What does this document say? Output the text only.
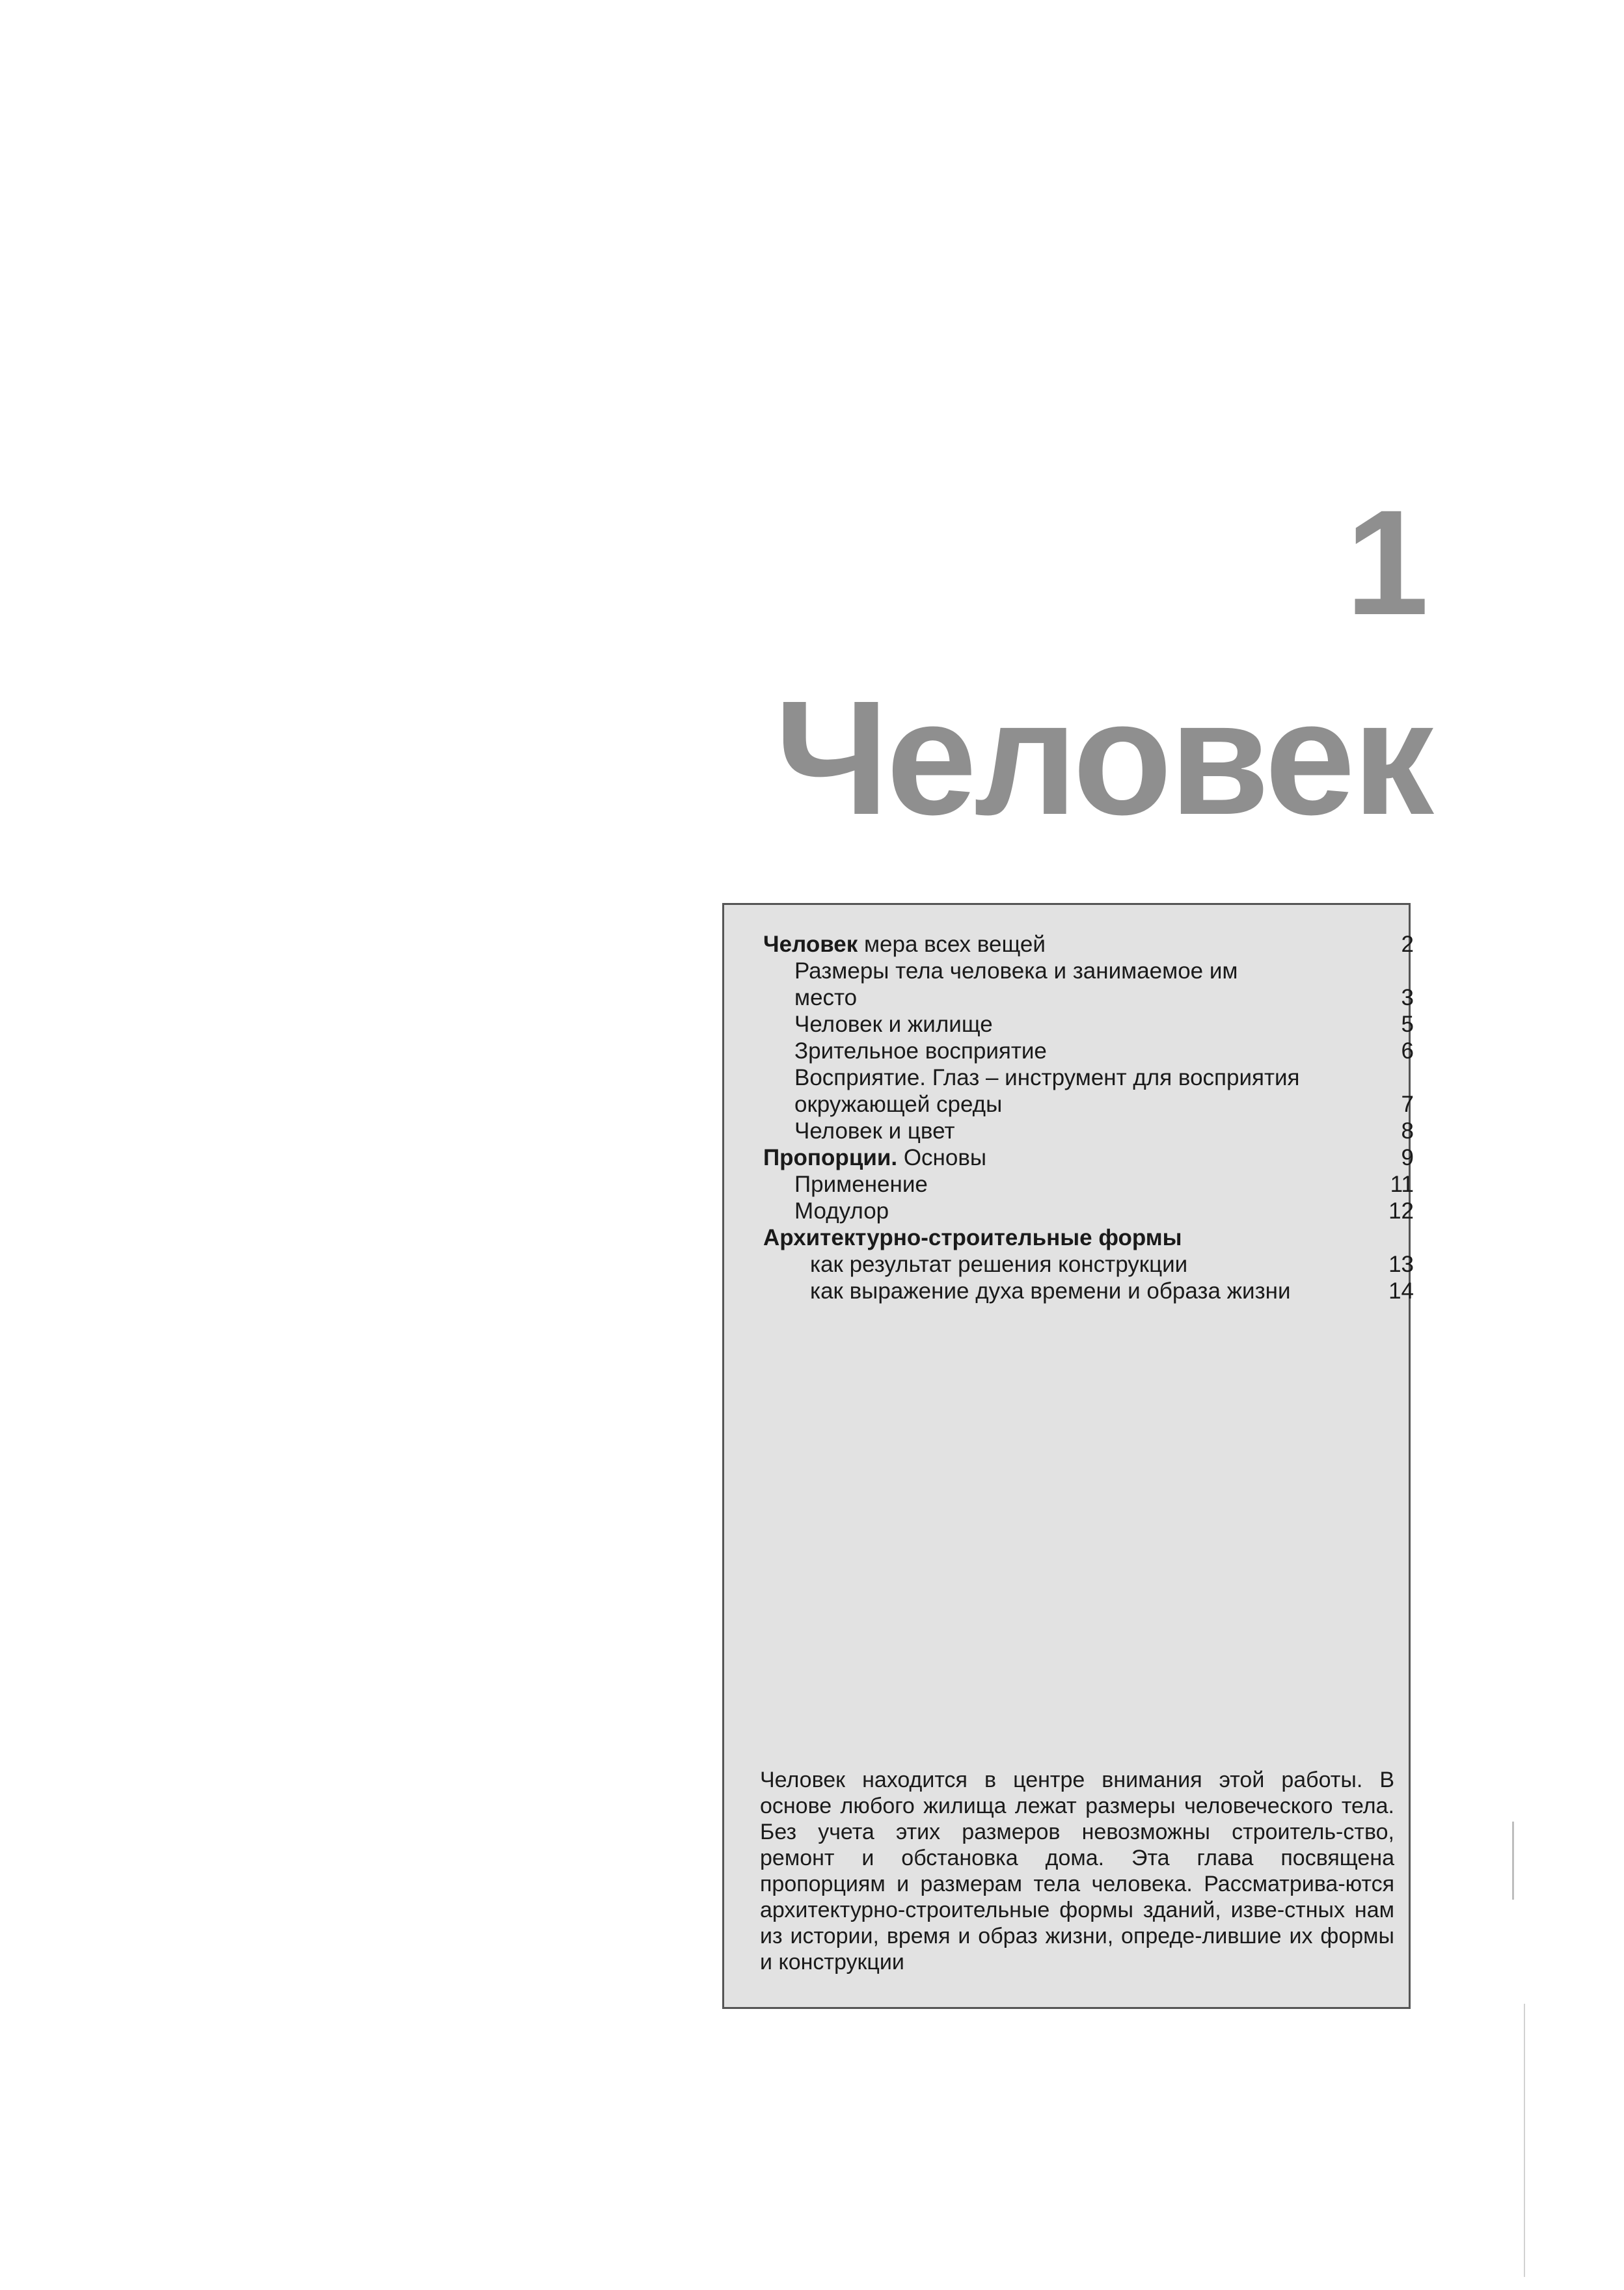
1
Человек
Человек мера всех вещей	2
Размеры тела человека и занимаемое им
место	3
Человек и жилище	5
Зрительное восприятие	6
Восприятие. Глаз – инструмент для восприятия
окружающей среды	7
Человек и цвет	8
Пропорции. Основы	9
Применение	11
Модулор	12
Архитектурно-строительные формы
как результат решения конструкции	13
как выражение духа времени и образа жизни	14
Человек находится в центре внимания этой работы. В основе любого жилища лежат размеры человеческого тела. Без учета этих размеров невозможны строитель-ство, ремонт и обстановка дома. Эта глава посвящена пропорциям и размерам тела человека. Рассматрива-ются архитектурно-строительные формы зданий, изве-стных нам из истории, время и образ жизни, опреде-лившие их формы и конструкции
